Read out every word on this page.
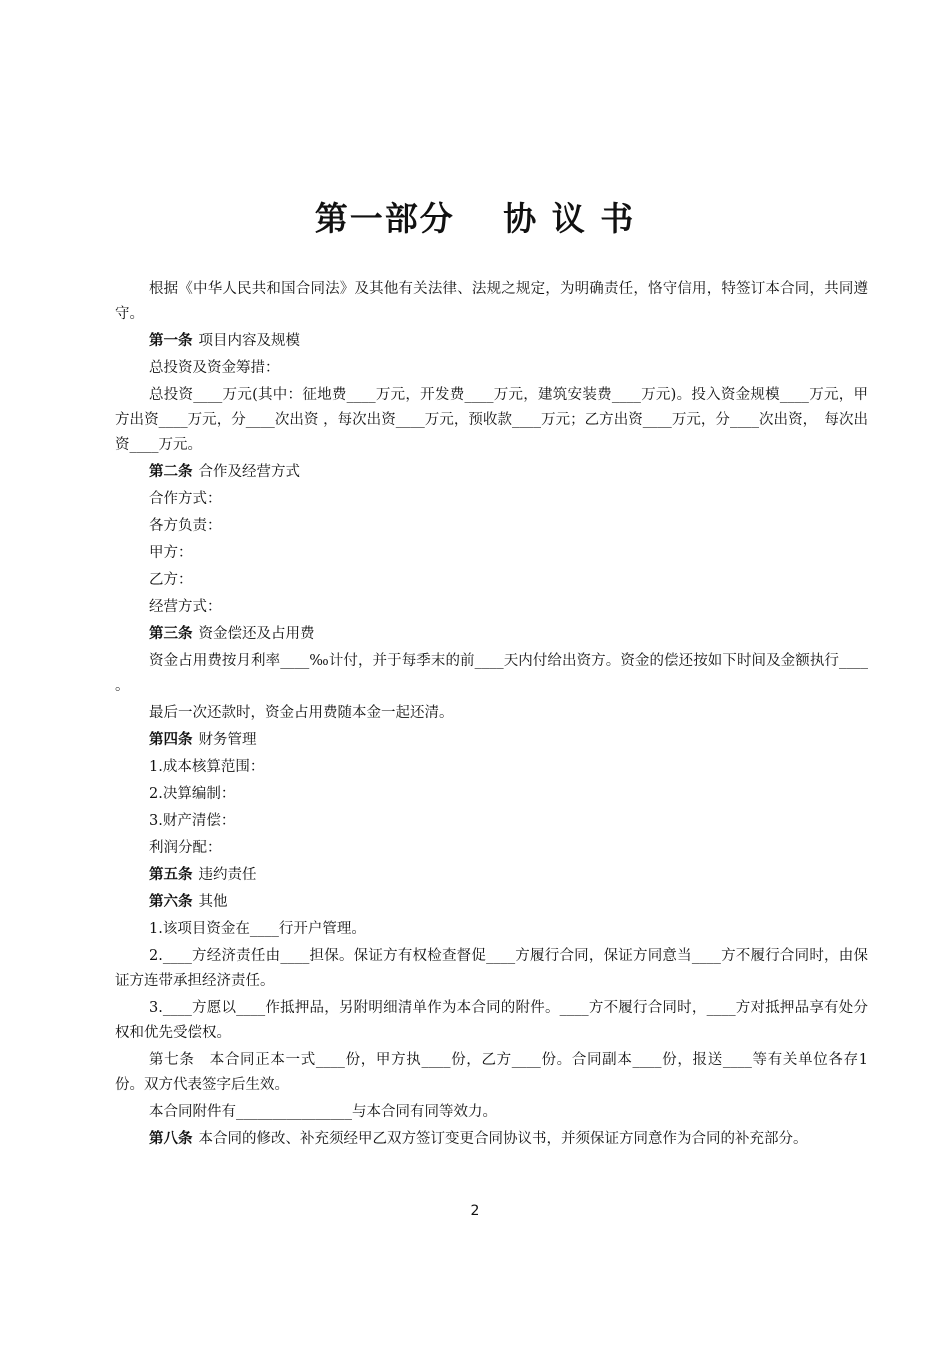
第一部分　 协 议 书

根据《中华人民共和国合同法》及其他有关法律、法规之规定，为明确责任，恪守信用，特签订本合同，共同遵守。

第一条 项目内容及规模

总投资及资金筹措：

总投资____万元(其中：征地费____万元，开发费____万元，建筑安装费____万元)。投入资金规模____万元，甲方出资____万元，分____次出资 ，每次出资____万元，预收款____万元；乙方出资____万元，分____次出资，　每次出资____万元。

第二条 合作及经营方式

合作方式：

各方负责：

甲方：

乙方：

经营方式：

第三条 资金偿还及占用费

资金占用费按月利率____‰计付，并于每季末的前____天内付给出资方。资金的偿还按如下时间及金额执行____ 。

最后一次还款时，资金占用费随本金一起还清。

第四条 财务管理

1.成本核算范围：

2.决算编制：

3.财产清偿：

利润分配：

第五条 违约责任

第六条 其他

1.该项目资金在____行开户管理。

2.____方经济责任由____担保。保证方有权检查督促____方履行合同，保证方同意当____方不履行合同时，由保证方连带承担经济责任。

3.____方愿以____作抵押品，另附明细清单作为本合同的附件。____方不履行合同时，____方对抵押品享有处分权和优先受偿权。

第七条　本合同正本一式____份，甲方执____份，乙方____份。合同副本____份，报送____等有关单位各存1份。双方代表签字后生效。

本合同附件有________________与本合同有同等效力。

第八条 本合同的修改、补充须经甲乙双方签订变更合同协议书，并须保证方同意作为合同的补充部分。

2
